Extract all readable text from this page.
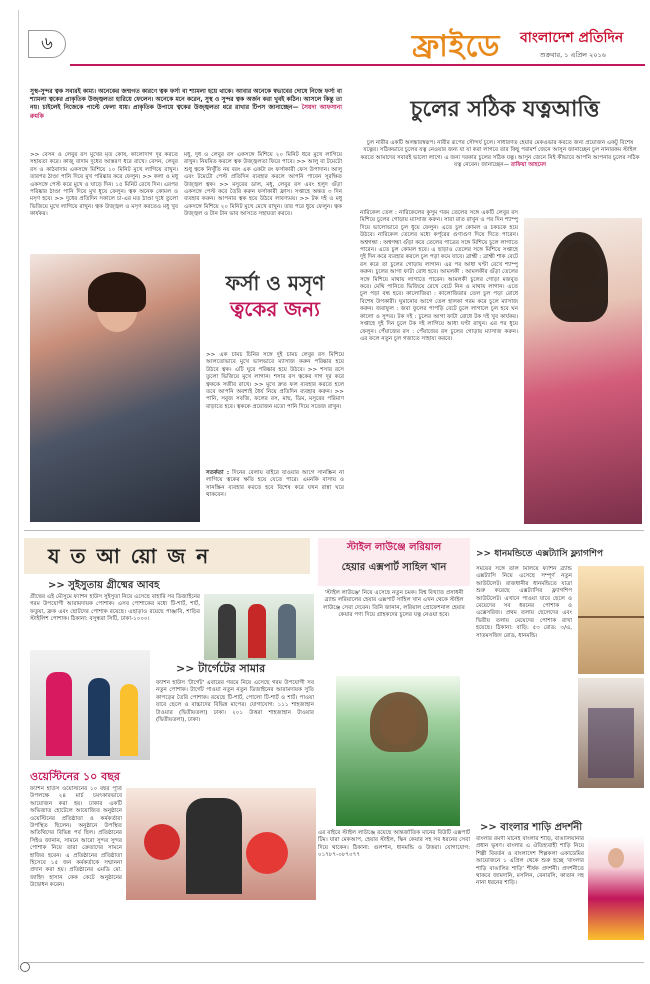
৬	ফ্রাইডে বাংলাদেশ প্রতিদিন
শুক্রবার, ১ এপ্রিল ২০১৬
সুস্থ-সুন্দর ত্বক সবারই কাম্য। অনেকের জন্মগত কারণে ত্বক ফর্সা বা শ্যামলা হয়ে থাকে। আবার অনেকে স্বভাবের দোষে নিজে ফর্সা বা শ্যামলা ত্বকের প্রাকৃতিক উজ্জ্বলতা হারিয়ে ফেলেন। অনেকে মনে করেন, সুস্থ ও সুন্দর ত্বক অর্জন করা খুবই কঠিন। আসলে কিন্তু তা নয়। চাইলেই নিজেকে পাল্টে ফেলা যায়। প্রাকৃতিক উপায়ে ত্বকের উজ্জ্বলতা ধরে রাখার টিপস জানাচ্ছেন— সৈয়দা আফসানা রুমকি
>> বেসন ও লেবুর রস মুখের মৃত কোষ, কালোদাগ দূর করতে সহায়তা করে। কাজু বাদাম দুধের আস্তরণ ধরে রাখে। বেসন, লেবুর রস ও কাঠবাদাম একসঙ্গে মিশিয়ে ১০ মিনিট মুখে লাগিয়ে রাখুন। তারপর ঠাণ্ডা পানি দিয়ে মুখ পরিষ্কার করে ফেলুন। >> কলা ও মধু একসঙ্গে পেস্ট করে মুখে ও ঘাড়ে দিন। ১৫ মিনিট রেখে দিন। এরপর পরিষ্কার ঠাণ্ডা পানি দিয়ে মুখ ধুয়ে ফেলুন। ত্বক অনেক কোমল ও মসৃণ হবে। >> দুধের প্রতিদিন সকালে চা-এর মত ঠাণ্ডা দুধে তুলো ভিজিয়ে মুখে লাগিয়ে রাখুন। ত্বক উজ্জ্বল ও মসৃণ করতেও মধু খুব কার্যকর।
মধু, দুধ ও লেবুর রস একসঙ্গে মিশিয়ে ২০ মিনিট ধরে মুখে লাগিয়ে রাখুন। নিয়মিত করলে ত্বক উজ্জ্বলতা ফিরে পাবে। >> আলু বা টমেটো শুধু ত্বকে নিখুঁতি নয় বরং এক একটা রং ফর্সাকারী ফেস উপাদান। আলু এবং টমেটো পেস্ট প্রতিদিন ব্যবহার করলে আপনি পাবেন সুরক্ষিত উজ্জ্বল ত্বক। >> মসুরের ডাল, মধু, লেবুর রস এবং হলুদ গুঁড়া একসঙ্গে পেস্ট করে তৈরি করুন ফর্সাকারী ফ্রাস। সপ্তাহে অন্তত ৩ দিন ব্যবহার করুন। আপনার ত্বক হয়ে উঠবে লাবণ্যময়। >> টক দই ও মধু একসঙ্গে মিশিয়ে ২০ মিনিট মুখে মেখে রাখুন। তার পরে ধুয়ে ফেলুন। ত্বক উজ্জ্বল ও টান টান ভাব আসতে সহায়তা করবে।
ফর্সা ও মসৃণ
ত্বকের জন্য
>> এক চামচ চিনির সঙ্গে দুই চামচ লেবুর রস মিশিয়ে আলতোভাবে মুখে ভালভাবে ম্যাসাজ করুন পরিষ্কার হয়ে উঠবে ত্বক। এটি ঘুরে পরিষ্কার হয়ে উঠবে। >> শসার রসে তুলো ভিজিয়ে মুখে লাগান। শসার রস ত্বকের দাগ দূর করে ত্বককে সজীব রাখে। >> মুখে দ্রুত ফল ব্যবহার করতে হলে তবে আপনি অবশ্যই ধৈর্য নিয়ে প্রতিদিন ব্যবহার করুন। >> পানি, সবুজ সবজি, ফলের রস, মাছ, ডিম, মসুরের পরিমাণ বাড়াতে হবে। ত্বককে প্রয়োজন মতো পানি দিয়ে সতেজ রাখুন।
সতর্কতা : দিনের বেলায় বাইরে যাওয়ার আগে সানস্ক্রিন না লাগিয়ে ত্বকের ক্ষতি হয়ে যেতে পারে। এমনকি বাসায় ও সানস্ক্রিন ব্যবহার করতে হবে বিশেষ করে যখন রান্না ঘরে থাকবেন।
চুলের সঠিক যত্নআত্তি
চুল নারীর একটি অলঙ্কারস্বরূপ। নারীর রূপের সৌন্দর্য চুলে। সাধারণত হেয়ার মেকওভার করতে জন্য প্রয়োজন একটু বিশেষ যত্নের। সঠিকভাবে চুলের যত্ন নেওয়ার জন্য যা যা করা লাগবে তার কিছু পরামর্শ জেনে আসুন জানাচ্ছেন চুল নানারকম স্টাইল করতে আমাদের সবারই ভালো লাগে। এ জন্য দরকার চুলের সঠিক যত্ন। আসুন জেনে নিই কীভাবে আপনি আপনার চুলের সঠিক যত্ন নেবেন। জানাচ্ছেন— রাফিয়া আহমেদ
নারিকেল তেল : নারিকেলের কুসুম গরম তেলের সঙ্গে একটি লেবুর রস মিশিয়ে চুলের গোড়ায় ম্যাসাজ করুন। সারা রাত রাখুন ও পর দিন শ্যাম্পু দিয়ে ভালোভাবে চুল ধুয়ে ফেলুন। এতে চুল কোমল ও চকচকে হয়ে উঠবে। নারিকেল তেলের মধ্যে কর্পূরের গুণাগুণ দিয়ে দিতে পারেন। অশ্বগন্ধা : অশ্বগন্ধা গুঁড়া করে তেলের পাত্রের সঙ্গে মিশিয়ে চুলে লাগাতে পারেন। এতে চুল কোমল হবে। এ ছাড়াও তেলের সঙ্গে মিশিয়ে সপ্তাহে দুই দিন করে ব্যবহার করলে চুল পড়া কমে যাবে। ব্রাহ্মী : ব্রাহ্মী শাক বেটে রস করে তা চুলের গোড়ায় লাগান। এর পর আধা ঘণ্টা রেখে শ্যাম্পু করুন। চুলের আগা ফাটা রোধ হবে। আমলকী : আমলকীর গুঁড়া তেলের সঙ্গে মিশিয়ে মাথায় লাগাতে পারেন। আমলকী চুলের গোড়া মজবুত করে। মেথি পানিতে ভিজিয়ে রেখে বেটে নিন ও মাথায় লাগান। এতে চুল পড়া বন্ধ হবে। কালোজিরা : কালোজিরার তেল চুল পড়া রোধে বিশেষ উপকারী। ঘুমানোর আগে তেল হালকা গরম করে চুলে ম্যাসাজ করুন। জবাফুল : জবা ফুলের পাপড়ি বেটে চুলে লাগালে চুল হবে ঘন কালো ও সুন্দর। টক দই : চুলের আগা ফাটা রোধে টক দই খুব কার্যকর। সপ্তাহে দুই দিন চুলে টক দই লাগিয়ে আধা ঘণ্টা রাখুন। এর পর ধুয়ে ফেলুন। পেঁয়াজের রস : পেঁয়াজের রস চুলের গোড়ায় ম্যাসাজ করুন। এর ফলে নতুন চুল গজাতে সাহায্য করবে।
য ত আ য়ো জ ন
>> সুইসুতায় গ্রীষ্মের আবহ
গ্রীষ্মের এই মৌসুমে ফ্যাশন হাউস সুইসুতা নিয়ে এসেছে বাহারি সব ডিজাইনের গরম উপযোগী আরামদায়ক পোশাক। এসব পোশাকের মধ্যে টি-শার্ট, শার্ট, ফতুয়া, ফ্রক এবং ছোটদের পোশাক রয়েছে। এছাড়াও রয়েছে পাঞ্জাবি, শাড়ির স্টাইলিশ পোশাক। ঠিকানা: বসুন্ধরা সিটি, ঢাকা-১০০০।
>> টার্গেটের সামার
ফ্যাশন হাউস 'টার্গেট' এবারের গরমে নিয়ে এসেছে গরম উপযোগী সব নতুন পোশাক। টার্গেট পাওয়া নতুন নতুন ডিজাইনের আরামদায়ক সুতি কাপড়ের তৈরি পোশাক। রয়েছে টি-শার্ট, পোলো টি-শার্ট ও শার্ট। পাওয়া যাবে ছেলে ও বাচ্চাদের বিভিন্ন মাপের। যোগাযোগ: ১১১ শাহজাহান টাওয়ার (দ্বিতীয়তলা) ঢাকা। ২০১ উত্তরা শাহজাহান টাওয়ার (দ্বিতীয়তলা), ঢাকা।
ওয়েস্টিনের ১০ বছর
ফ্যাশন হাউস ওয়েস্টিনের ১০ বছর পূর্তি উপলক্ষে ২৪ মার্চ চমৎকারভাবে আয়োজন করা হয়। ঢাকার একটি অভিজাত হোটেলে আয়োজিত অনুষ্ঠানে ওয়েস্টিনের প্রতিষ্ঠাতা ও কর্মকর্তারা উপস্থিত ছিলেন। অনুষ্ঠানে উপস্থিত অতিথিদের বিভিন্ন পর্ব ছিল। প্রতিষ্ঠানের সিইও জানান, সামনে আরো সুন্দর সুন্দর পোশাক নিয়ে তারা ক্রেতাদের সামনে হাজির হবেন। এ প্রতিষ্ঠানের প্রতিষ্ঠাতা হিসেবে ১৫ জন কর্মকর্তাকে সম্মাননা প্রদান করা হয়। প্রতিষ্ঠানের এমডি মো. জাহিদ হাসান কেক কেটে অনুষ্ঠানের উদ্বোধন করেন।
স্টাইল লাউঞ্জে লরিয়াল
হেয়ার এক্সপার্ট সাহিল খান
'স্টাইল লাউঞ্জে' নিয়ে এসেছে নতুন চমক। বিশ্ব বিখ্যাত প্রসাধনী ব্র্যান্ড লরিয়ালের হেয়ার এক্সপার্ট সাহিল খান এখন থেকে স্টাইল লাউঞ্জে সেবা দেবেন। তিনি জানান, লরিয়াল প্রোফেশনাল হেয়ার কেয়ার পণ্য দিয়ে গ্রাহকদের চুলের যত্ন নেওয়া হবে।
এর বাইরে স্টাইল লাউঞ্জে রয়েছে আন্তর্জাতিক মানের বিউটি এক্সপার্ট টিম। যারা মেকআপ, হেয়ার স্টাইল, স্কিন কেয়ার সহ সব ধরনের সেবা দিয়ে থাকেন। ঠিকানা: গুলশান, ধানমন্ডি ও উত্তরা। যোগাযোগ: ০১৭৮৭-০৮৭০৭৭
>> ধানমন্ডিতে এক্সট্যাসি ফ্ল্যাগশিপ
সময়ের সঙ্গে তাল মিলিয়ে ফ্যাশন ব্র্যান্ড এক্সট্যাসি নিয়ে এসেছে সম্পূর্ণ নতুন আউটলেট। রাজধানীর ধানমন্ডিতে যাত্রা শুরু করেছে এক্সট্যাসির ফ্ল্যাগশিপ আউটলেট। এখানে পাওয়া যাবে ছেলে ও মেয়েদের সব ধরনের পোশাক ও এক্সেসরিজ। প্রথম তলায় ছেলেদের এবং দ্বিতীয় তলায় মেয়েদের পোশাক রাখা হয়েছে। ঠিকানা: বাড়ি: ৫৩ রোড: ৩/এ, সাতমসজিদ রোড, ধানমন্ডি।
>> বাংলার শাড়ি প্রদর্শনী
বাংলার রমণী মানেই বাংলার শাড়ি, বাঙালিয়ানার প্রধান ভূষণ। বাংলার এ ঐতিহ্যবাহী শাড়ি নিয়ে শিল্পী বিবর্তন ও বাংলাদেশ শিল্পকলা একাডেমির আয়োজনে ১ এপ্রিল থেকে শুরু হচ্ছে 'বাংলার শাড়ি বাঙালির শাড়ি' শীর্ষক প্রদর্শনী। প্রদর্শনীতে থাকবে জামদানি, মসলিন, বেনারসি, কাতান সহ নানা ধরনের শাড়ি।
